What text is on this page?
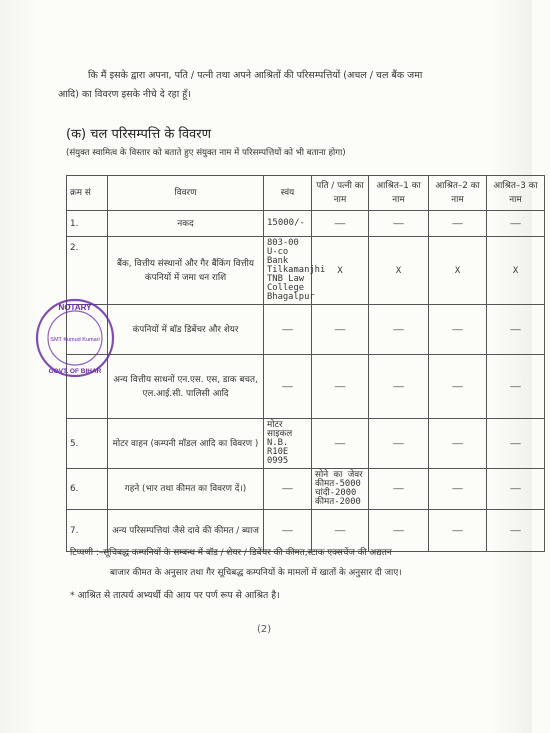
कि मैं इसके द्वारा अपना, पति / पत्नी तथा अपने आश्रितों की परिसम्पत्तियों (अचल / चल बैंक जमा
आदि) का विवरण इसके नीचे दे रहा हूँ।
(क) चल परिसम्पत्ति के विवरण
(संयुक्त स्वामित्व के विस्तार को बताते हुए संयुक्त नाम में परिसम्पत्तियों को भी बताना होगा)
क्रम सं	विवरण	स्वंय	पति / पत्नी का नाम	आश्रित–1 का नाम	आश्रित–2 का नाम	आश्रित–3 का नाम
1.	नकद	15000/-	——	——	——	——
2.	बैंक, वित्तीय संस्थानों और गैर बैंकिंग वित्तीय कंपनियों में जमा धन राशि	803-00 U-co Bank Tilkamanjhi TNB Law College Bhagalpur	X	X	X	X
	कंपनियों में बॉड डिबेंचर और शेयर	——	——	——	——	——
	अन्य वित्तीय साधनों एन.एस. एस, डाक बचत, एल.आई.सी. पालिसी आदि	——	——	——	——	——
5.	मोटर वाहन (कम्पनी मॉडल आदि का विवरण )	मोटर साइकल N.B. R10E 0995	——	——	——	——
6.	गहने (भार तथा कीमत का विवरण दें।)	——	सोने का जेवर कीमत-5000 चांदी-2000 कीमत-2000	——	——	——
7.	अन्य परिसम्पत्तियां जैसे दावे की कीमत / ब्याज	——	——	——	——	——
NOTARY
SMT Kumud Kumari
GOVT. OF BIHAR
टिप्पणी :–सूचिबद्ध कम्पनियों के सम्बन्ध में बॉड / शेयर / डिबेंचर की कीमत,स्टाक एक्सचेंज की अद्यतन
बाजार कीमत के अनुसार तथा गैर सूचिबद्ध कम्पनियों के मामलों में खातों के अनुसार दी जाए।
* आश्रित से तात्पर्य अभ्यर्थी की आय पर पर्ण रूप से आश्रित है।
(2)
